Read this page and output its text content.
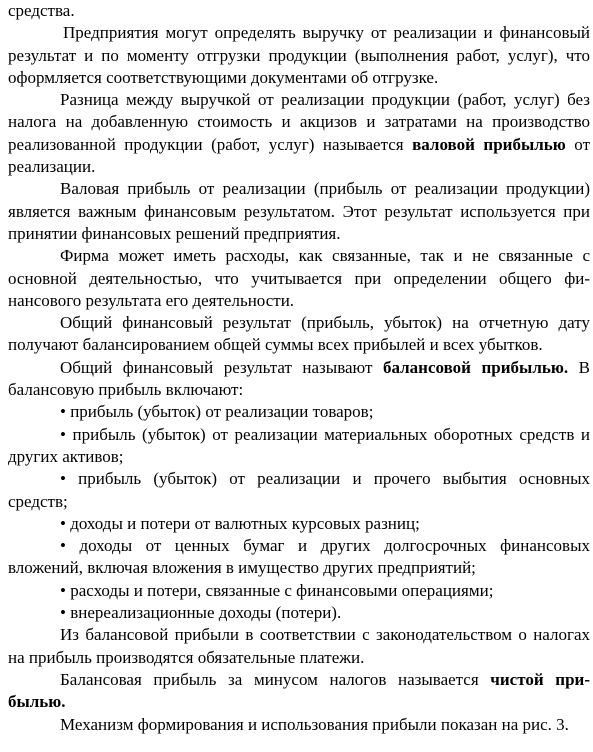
средства.

Предприятия могут определять выручку от реализации и финансовый результат и по моменту отгрузки продукции (выполнения работ, услуг), что оформляется соответствующими документами об отгрузке.

Разница между выручкой от реализации продукции (работ, услуг) без налога на добавленную стоимость и акцизов и затратами на производство реализованной продукции (работ, услуг) называется валовой прибылью от реализации.

Валовая прибыль от реализации (прибыль от реализации продукции) является важным финансовым результатом. Этот результат используется при принятии финансовых решений предприятия.

Фирма может иметь расходы, как связанные, так и не связанные с основной деятельностью, что учитывается при определении общего финансового результата его деятельности.

Общий финансовый результат (прибыль, убыток) на отчетную дату получают балансированием общей суммы всех прибылей и всех убытков.

Общий финансовый результат называют балансовой прибылью. В балансовую прибыль включают:

• прибыль (убыток) от реализации товаров;

• прибыль (убыток) от реализации материальных оборотных средств и других активов;

• прибыль (убыток) от реализации и прочего выбытия основных средств;

• доходы и потери от валютных курсовых разниц;

• доходы от ценных бумаг и других долгосрочных финансовых вложений, включая вложения в имущество других предприятий;

• расходы и потери, связанные с финансовыми операциями;

• внереализационные доходы (потери).

Из балансовой прибыли в соответствии с законодательством о налогах на прибыль производятся обязательные платежи.

Балансовая прибыль за минусом налогов называется чистой прибылью.

Механизм формирования и использования прибыли показан на рис. 3.
